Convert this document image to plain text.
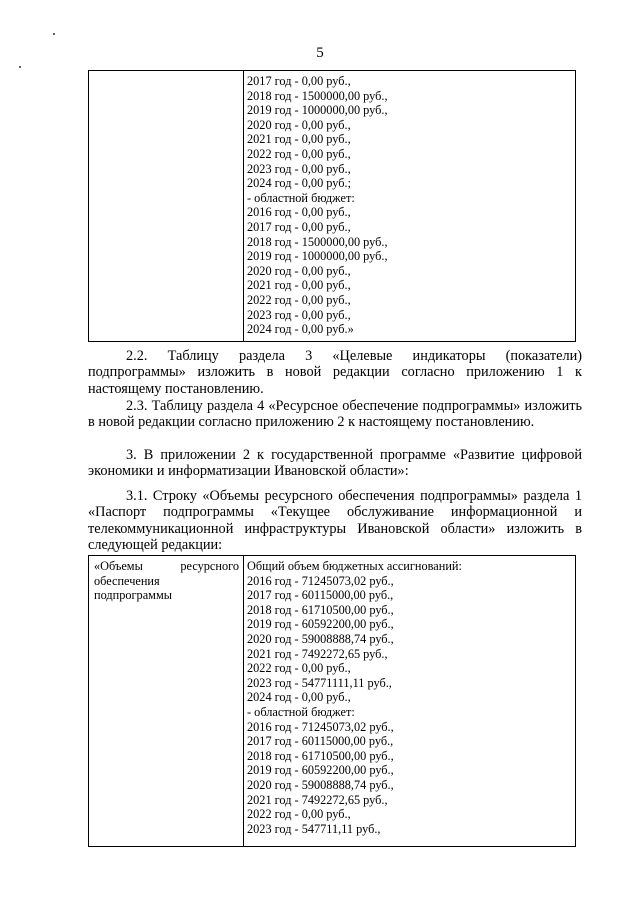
5
2017 год - 0,00 руб.,
2018 год - 1500000,00 руб.,
2019 год - 1000000,00 руб.,
2020 год - 0,00 руб.,
2021 год - 0,00 руб.,
2022 год - 0,00 руб.,
2023 год - 0,00 руб.,
2024 год - 0,00 руб.;
- областной бюджет:
2016 год - 0,00 руб.,
2017 год - 0,00 руб.,
2018 год - 1500000,00 руб.,
2019 год - 1000000,00 руб.,
2020 год - 0,00 руб.,
2021 год - 0,00 руб.,
2022 год - 0,00 руб.,
2023 год - 0,00 руб.,
2024 год - 0,00 руб.»
2.2. Таблицу раздела 3 «Целевые индикаторы (показатели) подпрограммы» изложить в новой редакции согласно приложению 1 к настоящему постановлению.
2.3. Таблицу раздела 4 «Ресурсное обеспечение подпрограммы» изложить в новой редакции согласно приложению 2 к настоящему постановлению.
3. В приложении 2 к государственной программе «Развитие цифровой экономики и информатизации Ивановской области»:
3.1. Строку «Объемы ресурсного обеспечения подпрограммы» раздела 1 «Паспорт подпрограммы «Текущее обслуживание информационной и телекоммуникационной инфраструктуры Ивановской области» изложить в следующей редакции:
«Объемы	ресурсного
обеспечения
подпрограммы
Общий объем бюджетных ассигнований:
2016 год - 71245073,02 руб.,
2017 год - 60115000,00 руб.,
2018 год - 61710500,00 руб.,
2019 год - 60592200,00 руб.,
2020 год - 59008888,74 руб.,
2021 год - 7492272,65 руб.,
2022 год - 0,00 руб.,
2023 год - 54771111,11 руб.,
2024 год - 0,00 руб.,
- областной бюджет:
2016 год - 71245073,02 руб.,
2017 год - 60115000,00 руб.,
2018 год - 61710500,00 руб.,
2019 год - 60592200,00 руб.,
2020 год - 59008888,74 руб.,
2021 год - 7492272,65 руб.,
2022 год - 0,00 руб.,
2023 год - 547711,11 руб.,
